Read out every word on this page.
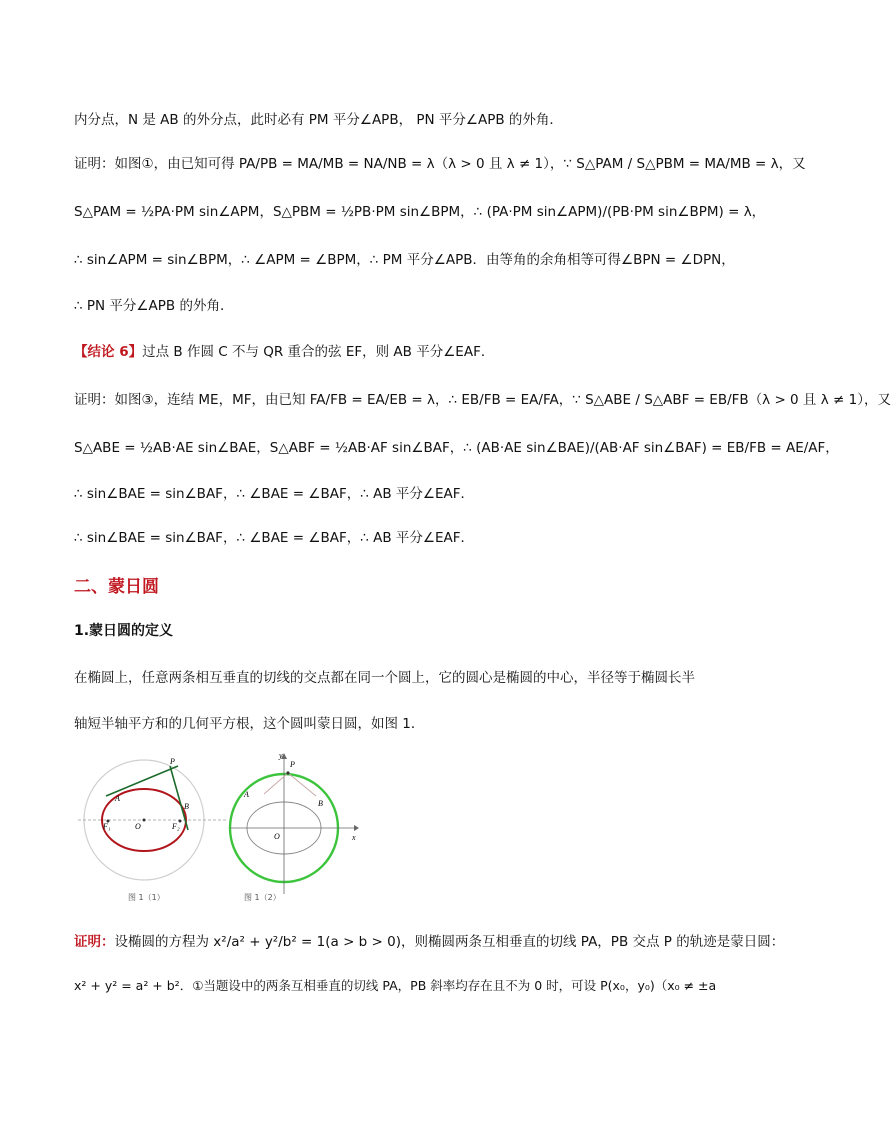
内分点，N 是 AB 的外分点，此时必有 PM 平分∠APB， PN 平分∠APB 的外角．
证明：如图①，由已知可得 PA/PB = MA/MB = NA/NB = λ（λ > 0 且 λ ≠ 1），∵ S△PAM / S△PBM = MA/MB = λ，又
S△PAM = ½PA·PM sin∠APM，S△PBM = ½PB·PM sin∠BPM，∴ (PA·PM sin∠APM)/(PB·PM sin∠BPM) = λ，
∴ sin∠APM = sin∠BPM，∴ ∠APM = ∠BPM，∴ PM 平分∠APB．由等角的余角相等可得∠BPN = ∠DPN，
∴ PN 平分∠APB 的外角．
【结论 6】过点 B 作圆 C 不与 QR 重合的弦 EF，则 AB 平分∠EAF．
证明：如图③，连结 ME，MF，由已知 FA/FB = EA/EB = λ，∴ EB/FB = EA/FA，∵ S△ABE / S△ABF = EB/FB（λ > 0 且 λ ≠ 1），又
S△ABE = ½AB·AE sin∠BAE，S△ABF = ½AB·AF sin∠BAF，∴ (AB·AE sin∠BAE)/(AB·AF sin∠BAF) = EB/FB = AE/AF，
∴ sin∠BAE = sin∠BAF，∴ ∠BAE = ∠BAF，∴ AB 平分∠EAF．
∴ sin∠BAE = sin∠BAF，∴ ∠BAE = ∠BAF，∴ AB 平分∠EAF．
二、蒙日圆
1.蒙日圆的定义
在椭圆上，任意两条相互垂直的切线的交点都在同一个圆上，它的圆心是椭圆的中心，半径等于椭圆长半
轴短半轴平方和的几何平方根，这个圆叫蒙日圆，如图 1．
P
A
B
F₁	O	F₂
图 1（1）
y
P
A
B
O	x
图 1（2）
证明：设椭圆的方程为 x²/a² + y²/b² = 1(a > b > 0)，则椭圆两条互相垂直的切线 PA，PB 交点 P 的轨迹是蒙日圆：
x² + y² = a² + b²．①当题设中的两条互相垂直的切线 PA，PB 斜率均存在且不为 0 时，可设 P(x₀，y₀)（x₀ ≠ ±a
